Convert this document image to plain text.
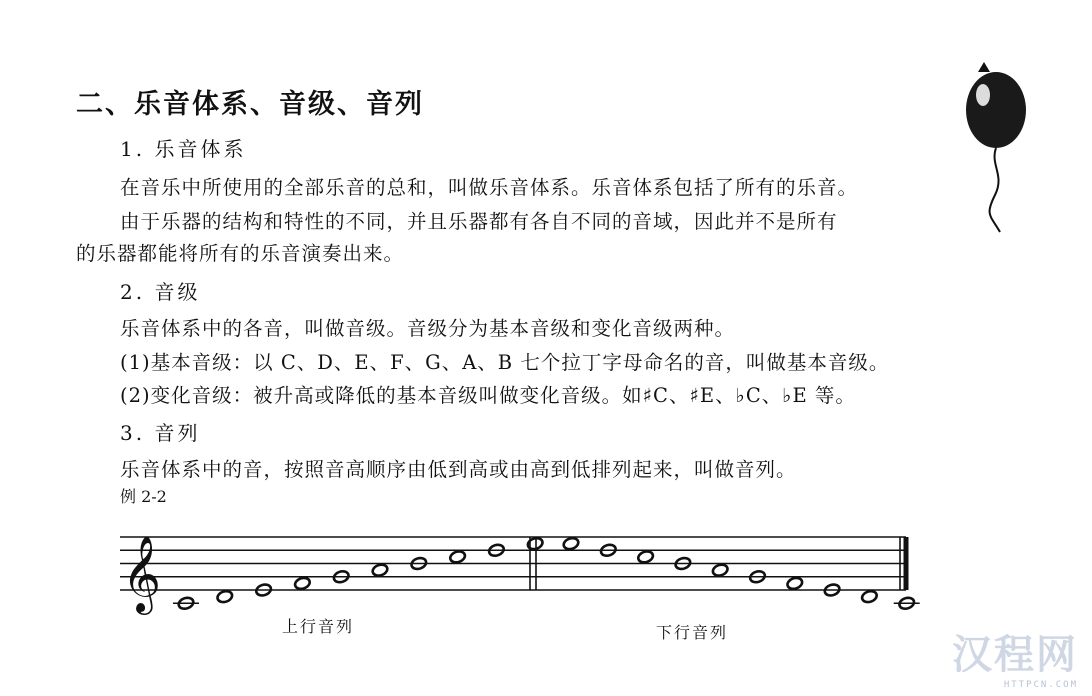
二、乐音体系、音级、音列
1. 乐音体系
在音乐中所使用的全部乐音的总和，叫做乐音体系。乐音体系包括了所有的乐音。
由于乐器的结构和特性的不同，并且乐器都有各自不同的音域，因此并不是所有
的乐器都能将所有的乐音演奏出来。
2. 音级
乐音体系中的各音，叫做音级。音级分为基本音级和变化音级两种。
(1)基本音级：以 C、D、E、F、G、A、B 七个拉丁字母命名的音，叫做基本音级。
(2)变化音级：被升高或降低的基本音级叫做变化音级。如♯C、♯E、♭C、♭E 等。
3. 音列
乐音体系中的音，按照音高顺序由低到高或由高到低排列起来，叫做音列。
例 2-2
𝄞
上行音列	下行音列	汉程网
HTTPCN.COM
